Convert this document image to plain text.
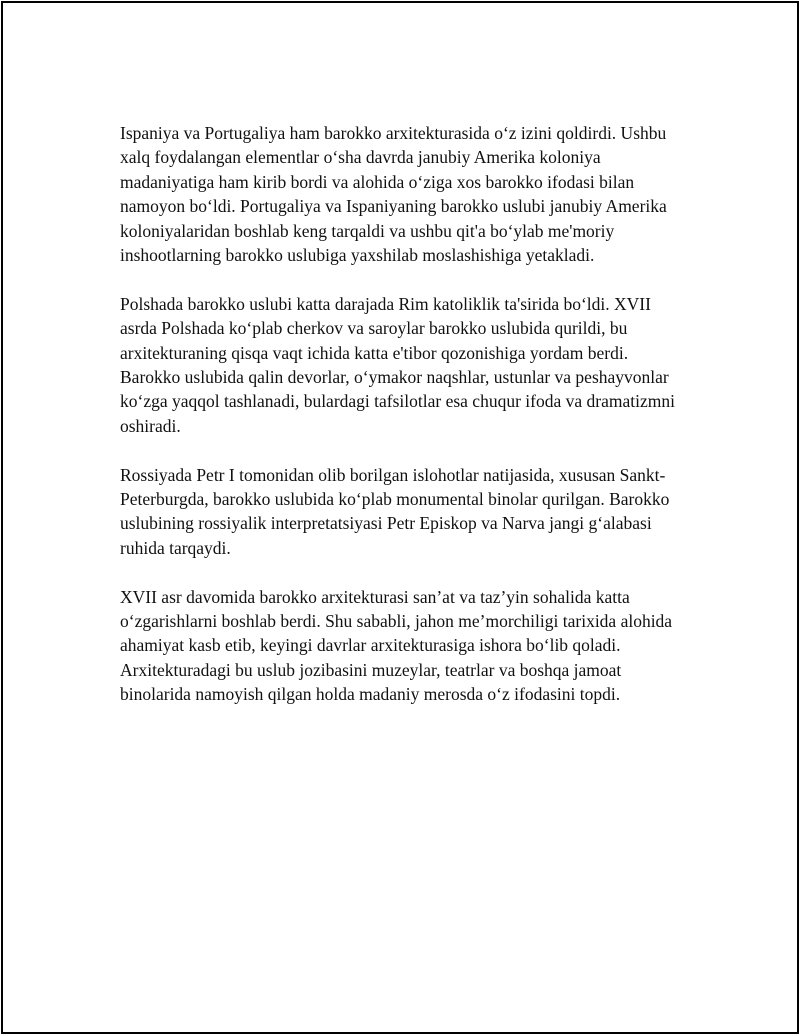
Ispaniya va Portugaliya ham barokko arxitekturasida o‘z izini qoldirdi. Ushbu xalq foydalangan elementlar o‘sha davrda janubiy Amerika koloniya madaniyatiga ham kirib bordi va alohida o‘ziga xos barokko ifodasi bilan namoyon bo‘ldi. Portugaliya va Ispaniyaning barokko uslubi janubiy Amerika koloniyalaridan boshlab keng tarqaldi va ushbu qit'a bo‘ylab me'moriy inshootlarning barokko uslubiga yaxshilab moslashishiga yetakladi.

Polshada barokko uslubi katta darajada Rim katoliklik ta'sirida bo‘ldi. XVII asrda Polshada ko‘plab cherkov va saroylar barokko uslubida qurildi, bu arxitekturaning qisqa vaqt ichida katta e'tibor qozonishiga yordam berdi. Barokko uslubida qalin devorlar, o‘ymakor naqshlar, ustunlar va peshayvonlar ko‘zga yaqqol tashlanadi, bulardagi tafsilotlar esa chuqur ifoda va dramatizmni oshiradi.

Rossiyada Petr I tomonidan olib borilgan islohotlar natijasida, xususan Sankt-Peterburgda, barokko uslubida ko‘plab monumental binolar qurilgan. Barokko uslubining rossiyalik interpretatsiyasi Petr Episkop va Narva jangi g‘alabasi ruhida tarqaydi.

XVII asr davomida barokko arxitekturasi san’at va taz’yin sohalida katta o‘zgarishlarni boshlab berdi. Shu sababli, jahon me’morchiligi tarixida alohida ahamiyat kasb etib, keyingi davrlar arxitekturasiga ishora bo‘lib qoladi. Arxitekturadagi bu uslub jozibasini muzeylar, teatrlar va boshqa jamoat binolarida namoyish qilgan holda madaniy merosda o‘z ifodasini topdi.
